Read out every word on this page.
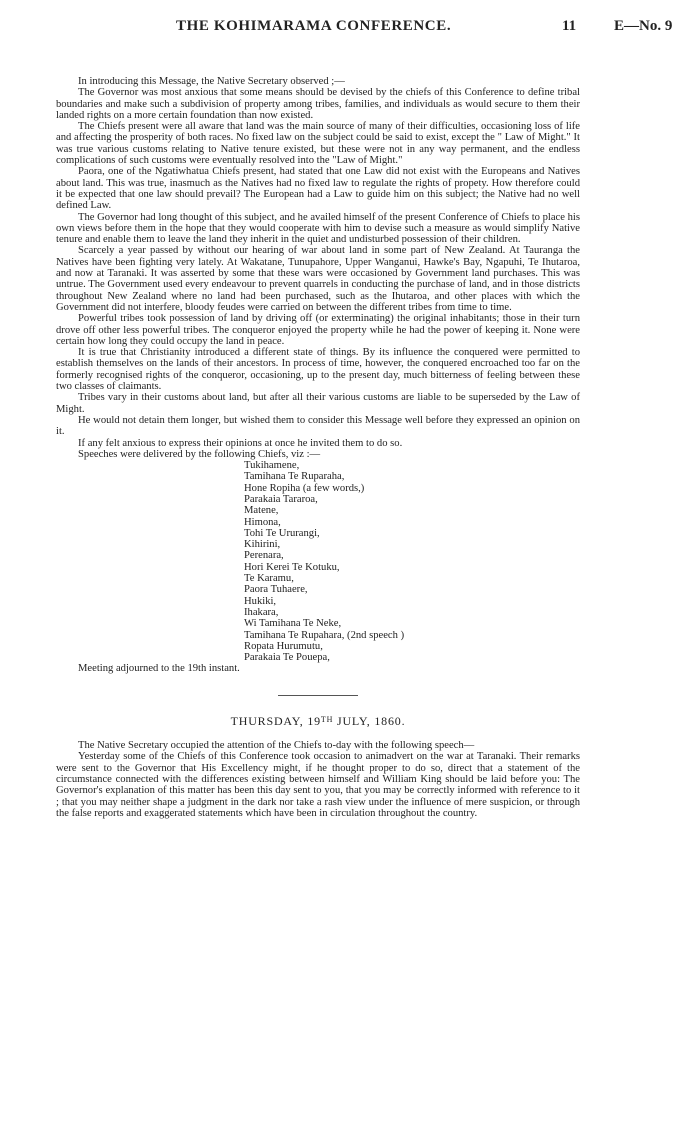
THE KOHIMARAMA CONFERENCE.	11	E—No. 9

In introducing this Message, the Native Secretary observed ;—

The Governor was most anxious that some means should be devised by the chiefs of this Conference to define tribal boundaries and make such a subdivision of property among tribes, families, and individuals as would secure to them their landed rights on a more certain foundation than now existed.

The Chiefs present were all aware that land was the main source of many of their difficulties, occasioning loss of life and affecting the prosperity of both races. No fixed law on the subject could be said to exist, except the " Law of Might." It was true various customs relating to Native tenure existed, but these were not in any way permanent, and the endless complications of such customs were eventually resolved into the "Law of Might."

Paora, one of the Ngatiwhatua Chiefs present, had stated that one Law did not exist with the Europeans and Natives about land. This was true, inasmuch as the Natives had no fixed law to regulate the rights of propety. How therefore could it be expected that one law should prevail? The European had a Law to guide him on this subject; the Native had no well defined Law.

The Governor had long thought of this subject, and he availed himself of the present Conference of Chiefs to place his own views before them in the hope that they would cooperate with him to devise such a measure as would simplify Native tenure and enable them to leave the land they inherit in the quiet and undisturbed possession of their children.

Scarcely a year passed by without our hearing of war about land in some part of New Zealand. At Tauranga the Natives have been fighting very lately. At Wakatane, Tunupahore, Upper Wanganui, Hawke's Bay, Ngapuhi, Te Ihutaroa, and now at Taranaki. It was asserted by some that these wars were occasioned by Government land purchases. This was untrue. The Government used every endeavour to prevent quarrels in conducting the purchase of land, and in those districts throughout New Zealand where no land had been purchased, such as the Ihutaroa, and other places with which the Government did not interfere, bloody feudes were carried on between the different tribes from time to time.

Powerful tribes took possession of land by driving off (or exterminating) the original inhabitants; those in their turn drove off other less powerful tribes. The conqueror enjoyed the property while he had the power of keeping it. None were certain how long they could occupy the land in peace.

It is true that Christianity introduced a different state of things. By its influence the conquered were permitted to establish themselves on the lands of their ancestors. In process of time, however, the conquered encroached too far on the formerly recognised rights of the conqueror, occasioning, up to the present day, much bitterness of feeling between these two classes of claimants.

Tribes vary in their customs about land, but after all their various customs are liable to be superseded by the Law of Might.

He would not detain them longer, but wished them to consider this Message well before they expressed an opinion on it.

If any felt anxious to express their opinions at once he invited them to do so.

Speeches were delivered by the following Chiefs, viz :—

Tukihamene,
Tamihana Te Ruparaha,
Hone Ropiha (a few words,)
Parakaia Tararoa,
Matene,
Himona,
Tohi Te Ururangi,
Kihirini,
Perenara,
Hori Kerei Te Kotuku,
Te Karamu,
Paora Tuhaere,
Hukiki,
Ihakara,
Wi Tamihana Te Neke,
Tamihana Te Rupahara, (2nd speech )
Ropata Hurumutu,
Parakaia Te Pouepa,

Meeting adjourned to the 19th instant.

THURSDAY, 19TH JULY, 1860.

The Native Secretary occupied the attention of the Chiefs to-day with the following speech—

Yesterday some of the Chiefs of this Conference took occasion to animadvert on the war at Taranaki. Their remarks were sent to the Governor that His Excellency might, if he thought proper to do so, direct that a statement of the circumstance connected with the differences existing between himself and William King should be laid before you: The Governor's explanation of this matter has been this day sent to you, that you may be correctly informed with reference to it ; that you may neither shape a judgment in the dark nor take a rash view under the influence of mere suspicion, or through the false reports and exaggerated statements which have been in circulation throughout the country.
